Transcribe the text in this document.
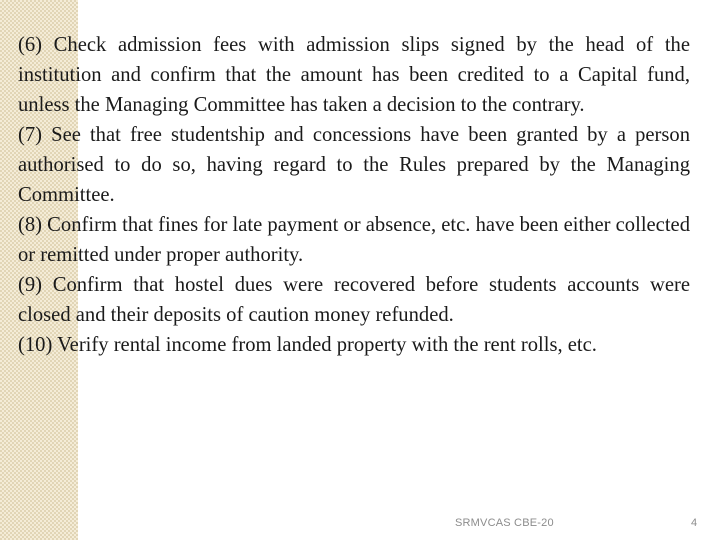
(6) Check admission fees with admission slips signed by the head of the institution and confirm that the amount has been credited to a Capital fund, unless the Managing Committee has taken a decision to the contrary.

(7) See that free studentship and concessions have been granted by a person authorised to do so, having regard to the Rules prepared by the Managing Committee.

(8) Confirm that fines for late payment or absence, etc. have been either collected or remitted under proper authority.

(9) Confirm that hostel dues were recovered before students accounts were closed and their deposits of caution money refunded.

(10) Verify rental income from landed property with the rent rolls, etc.

SRMVCAS CBE-20	4
